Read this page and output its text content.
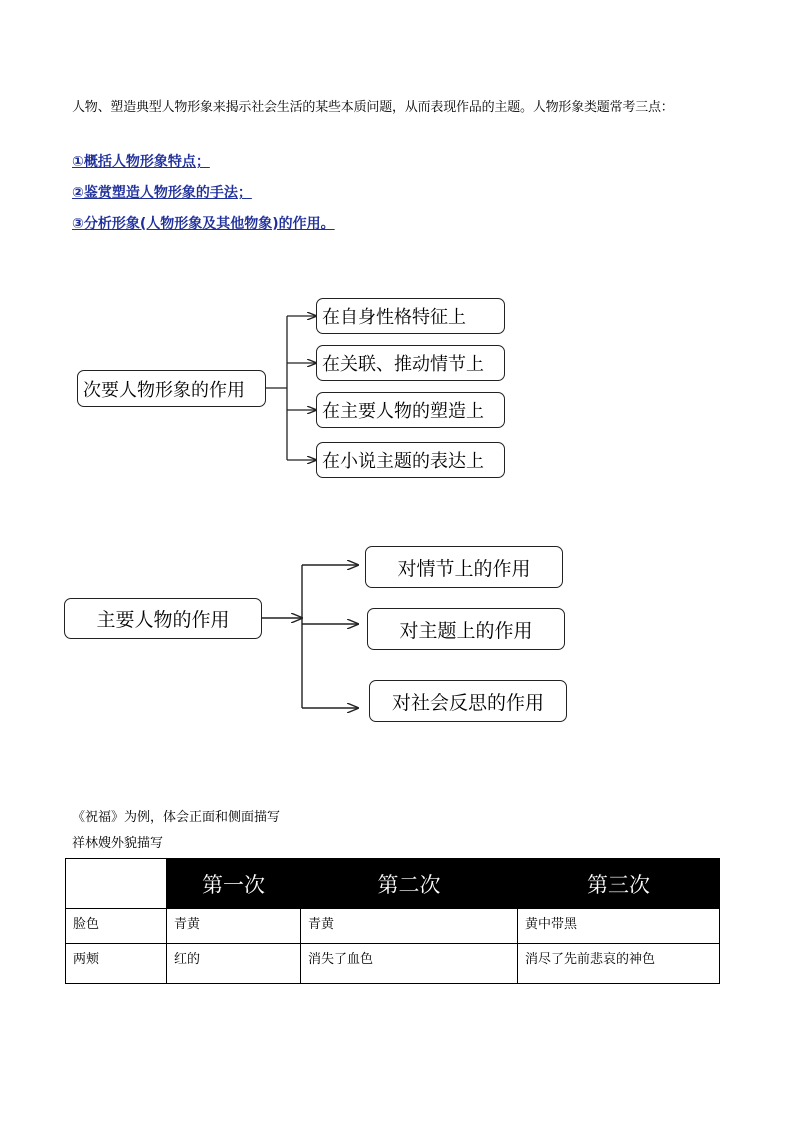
人物、塑造典型人物形象来揭示社会生活的某些本质问题，从而表现作品的主题。人物形象类题常考三点：
①概括人物形象特点；
②鉴赏塑造人物形象的手法；
③分析形象(人物形象及其他物象)的作用。
次要人物形象的作用
在自身性格特征上
在关联、推动情节上
在主要人物的塑造上
在小说主题的表达上
主要人物的作用
对情节上的作用
对主题上的作用
对社会反思的作用
《祝福》为例，体会正面和侧面描写
祥林嫂外貌描写
	第一次	第二次	第三次
脸色	青黄	青黄	黄中带黑
两颊	红的	消失了血色	消尽了先前悲哀的神色
